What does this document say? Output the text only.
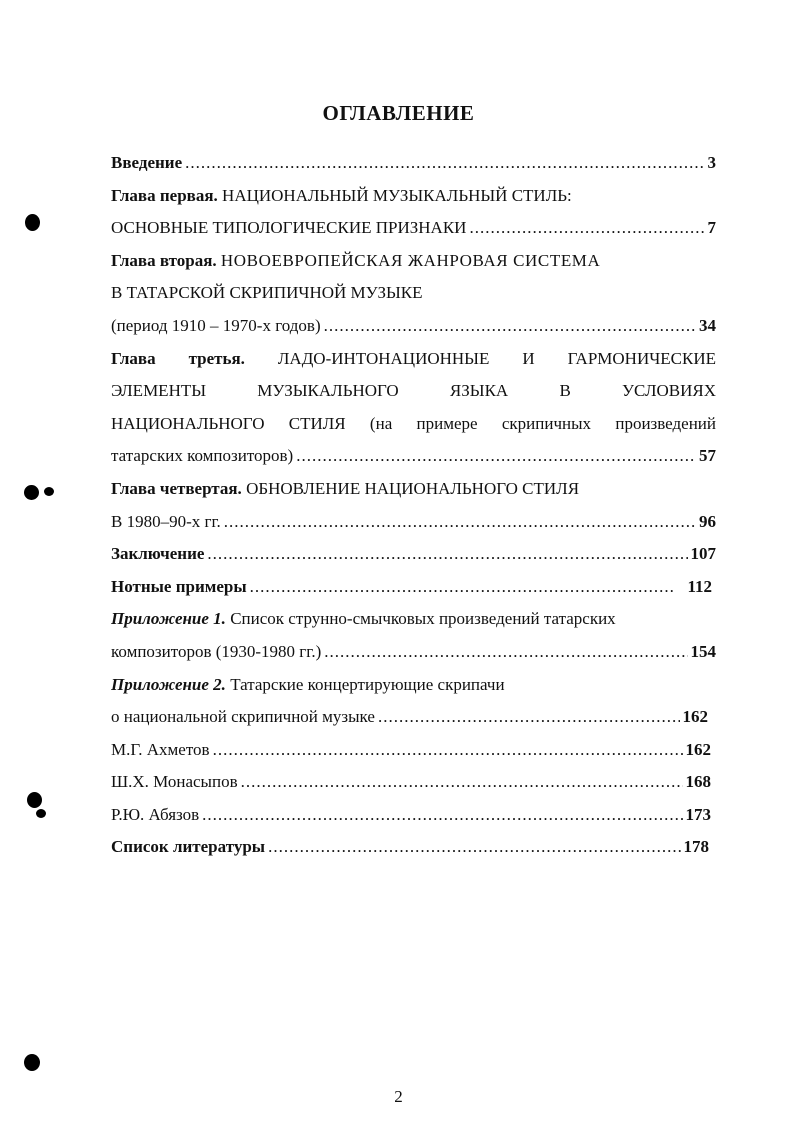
ОГЛАВЛЕНИЕ
Введение .....	3
Глава первая. НАЦИОНАЛЬНЫЙ МУЗЫКАЛЬНЫЙ СТИЛЬ:
ОСНОВНЫЕ ТИПОЛОГИЧЕСКИЕ ПРИЗНАКИ .....	7
Глава вторая. НОВОЕВРОПЕЙСКАЯ ЖАНРОВАЯ СИСТЕМА
В ТАТАРСКОЙ СКРИПИЧНОЙ МУЗЫКЕ
(период 1910 – 1970-х годов) .....	34
Глава третья. ЛАДО-ИНТОНАЦИОННЫЕ И ГАРМОНИЧЕСКИЕ
ЭЛЕМЕНТЫ МУЗЫКАЛЬНОГО ЯЗЫКА В УСЛОВИЯХ
НАЦИОНАЛЬНОГО СТИЛЯ (на примере скрипичных произведений
татарских композиторов) .....	57
Глава четвертая. ОБНОВЛЕНИЕ НАЦИОНАЛЬНОГО СТИЛЯ
В 1980–90-х гг. .....	96
Заключение .....	107
Нотные примеры .....	112
Приложение 1. Список струнно-смычковых произведений татарских
композиторов (1930-1980 гг.) .....	154
Приложение 2. Татарские концертирующие скрипачи
о национальной скрипичной музыке .....	162
М.Г. Ахметов .....	162
Ш.Х. Монасыпов .....	168
Р.Ю. Абязов .....	173
Список литературы .....	178
2
